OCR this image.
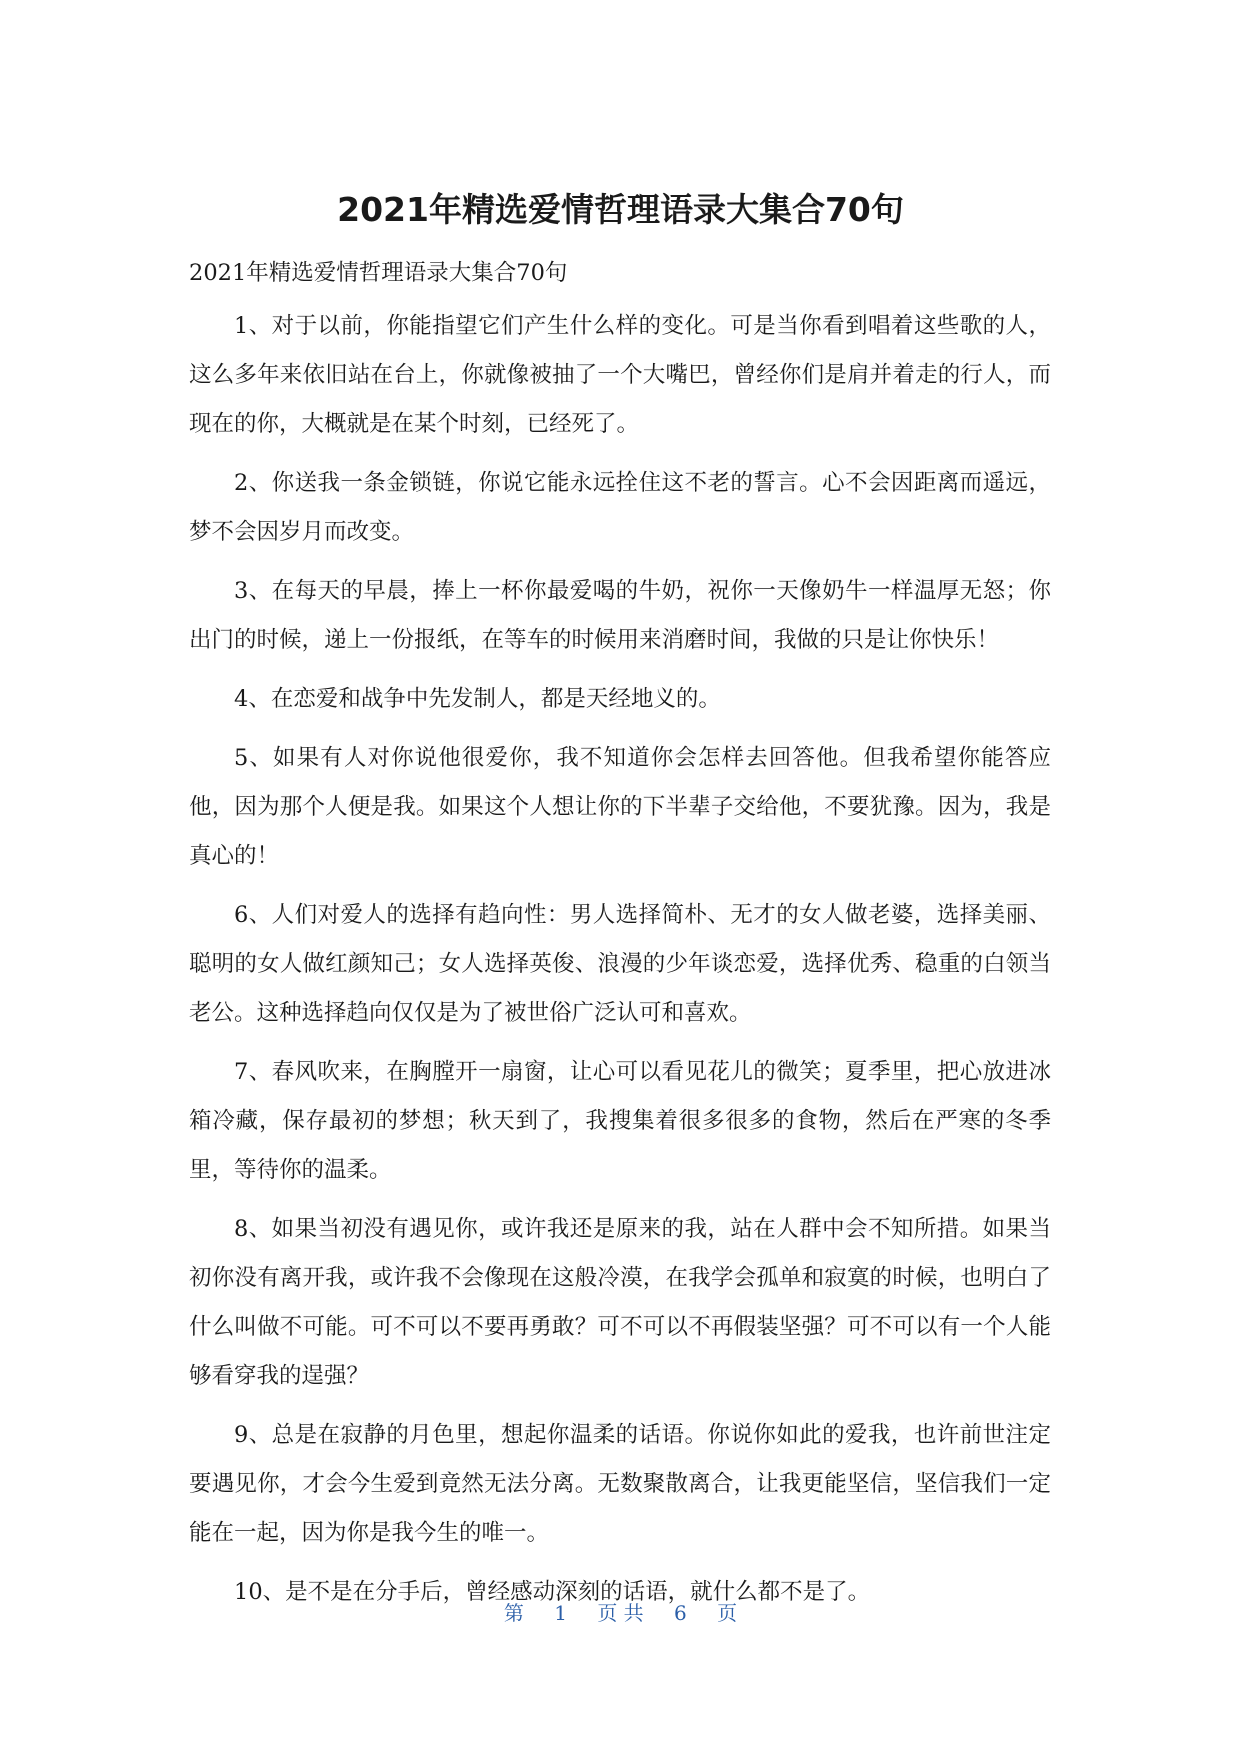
2021年精选爱情哲理语录大集合70句

2021年精选爱情哲理语录大集合70句

1、对于以前，你能指望它们产生什么样的变化。可是当你看到唱着这些歌的人，这么多年来依旧站在台上，你就像被抽了一个大嘴巴，曾经你们是肩并着走的行人，而现在的你，大概就是在某个时刻，已经死了。

2、你送我一条金锁链，你说它能永远拴住这不老的誓言。心不会因距离而遥远，梦不会因岁月而改变。

3、在每天的早晨，捧上一杯你最爱喝的牛奶，祝你一天像奶牛一样温厚无怒；你出门的时候，递上一份报纸，在等车的时候用来消磨时间，我做的只是让你快乐！

4、在恋爱和战争中先发制人，都是天经地义的。

5、如果有人对你说他很爱你，我不知道你会怎样去回答他。但我希望你能答应他，因为那个人便是我。如果这个人想让你的下半辈子交给他，不要犹豫。因为，我是真心的！

6、人们对爱人的选择有趋向性：男人选择简朴、无才的女人做老婆，选择美丽、聪明的女人做红颜知己；女人选择英俊、浪漫的少年谈恋爱，选择优秀、稳重的白领当老公。这种选择趋向仅仅是为了被世俗广泛认可和喜欢。

7、春风吹来，在胸膛开一扇窗，让心可以看见花儿的微笑；夏季里，把心放进冰箱冷藏，保存最初的梦想；秋天到了，我搜集着很多很多的食物，然后在严寒的冬季里，等待你的温柔。

8、如果当初没有遇见你，或许我还是原来的我，站在人群中会不知所措。如果当初你没有离开我，或许我不会像现在这般冷漠，在我学会孤单和寂寞的时候，也明白了什么叫做不可能。可不可以不要再勇敢？可不可以不再假装坚强？可不可以有一个人能够看穿我的逞强？

9、总是在寂静的月色里，想起你温柔的话语。你说你如此的爱我，也许前世注定要遇见你，才会今生爱到竟然无法分离。无数聚散离合，让我更能坚信，坚信我们一定能在一起，因为你是我今生的唯一。

10、是不是在分手后，曾经感动深刻的话语，就什么都不是了。

第 1 页 共 6 页
